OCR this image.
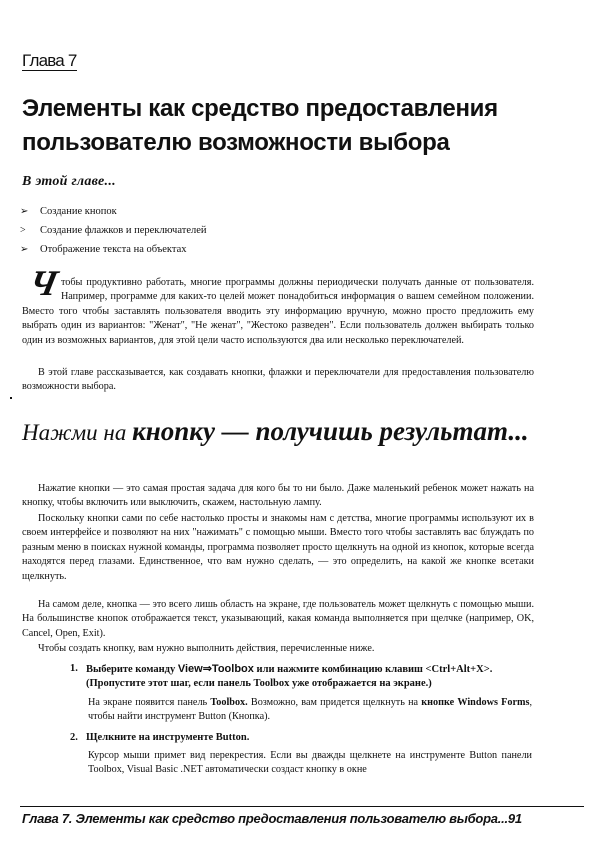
Глава 7
Элементы как средство предоставления пользователю возможности выбора
В этой главе...
➢	Создание кнопок
>	Создание флажков и переключателей
➢	Отображение текста на объектах
Чтобы продуктивно работать, многие программы должны периодически получать данные от пользователя. Например, программе для каких-то целей может понадобиться информация о вашем семейном положении. Вместо того чтобы заставлять пользователя вводить эту информацию вручную, можно просто предложить ему выбрать один из вариантов: "Женат", "Не женат", "Жестоко разведен". Если пользователь должен выбирать только один из возможных вариантов, для этой цели часто используются два или несколько переключателей.
В этой главе рассказывается, как создавать кнопки, флажки и переключатели для предоставления пользователю возможности выбора.
Нажми на кнопку — получишь результат...
Нажатие кнопки — это самая простая задача для кого бы то ни было. Даже маленький ребенок может нажать на кнопку, чтобы включить или выключить, скажем, настольную лампу.
Поскольку кнопки сами по себе настолько просты и знакомы нам с детства, многие программы используют их в своем интерфейсе и позволяют на них "нажимать" с помощью мыши. Вместо того чтобы заставлять вас блуждать по разным меню в поисках нужной команды, программа позволяет просто щелкнуть на одной из кнопок, которые всегда находятся перед глазами. Единственное, что вам нужно сделать, — это определить, на какой же кнопке всетаки щелкнуть.
На самом деле, кнопка — это всего лишь область на экране, где пользователь может щелкнуть с помощью мыши. На большинстве кнопок отображается текст, указывающий, какая команда выполняется при щелчке (например, OK, Cancel, Open, Exit).
Чтобы создать кнопку, вам нужно выполнить действия, перечисленные ниже.
1. Выберите команду View⇒Toolbox или нажмите комбинацию клавиш <Ctrl+Alt+X>. (Пропустите этот шаг, если панель Toolbox уже отображается на экране.)
На экране появится панель Toolbox. Возможно, вам придется щелкнуть на кнопке Windows Forms, чтобы найти инструмент Button (Кнопка).
2. Щелкните на инструменте Button.
Курсор мыши примет вид перекрестия. Если вы дважды щелкнете на инструменте Button панели Toolbox, Visual Basic .NET автоматически создаст кнопку в окне
Глава 7. Элементы как средство предоставления пользователю выбора...91
